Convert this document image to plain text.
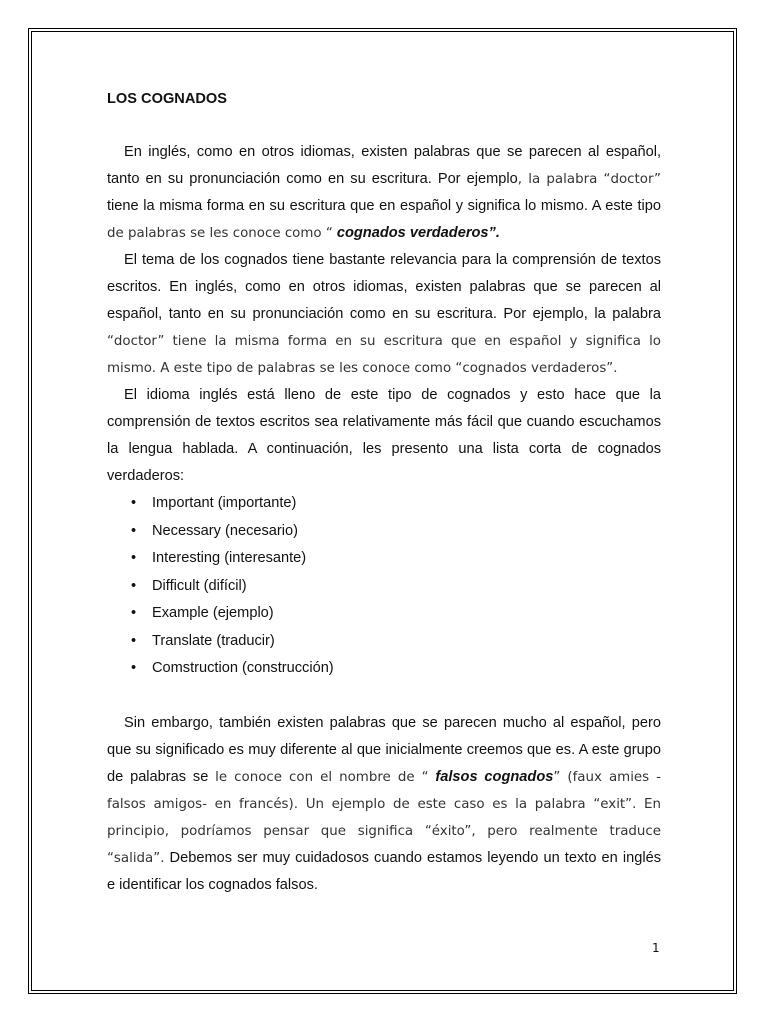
LOS COGNADOS

En inglés, como en otros idiomas, existen palabras que se parecen al español, tanto en su pronunciación como en su escritura. Por ejemplo, la palabra “doctor” tiene la misma forma en su escritura que en español y significa lo mismo. A este tipo de palabras se les conoce como “ cognados verdaderos”.

El tema de los cognados tiene bastante relevancia para la comprensión de textos escritos. En inglés, como en otros idiomas, existen palabras que se parecen al español, tanto en su pronunciación como en su escritura. Por ejemplo, la palabra “doctor” tiene la misma forma en su escritura que en español y significa lo mismo. A este tipo de palabras se les conoce como “cognados verdaderos”.

El idioma inglés está lleno de este tipo de cognados y esto hace que la comprensión de textos escritos sea relativamente más fácil que cuando escuchamos la lengua hablada. A continuación, les presento una lista corta de cognados verdaderos:

• Important (importante)
• Necessary (necesario)
• Interesting (interesante)
• Difficult (difícil)
• Example (ejemplo)
• Translate (traducir)
• Comstruction (construcción)

Sin embargo, también existen palabras que se parecen mucho al español, pero que su significado es muy diferente al que inicialmente creemos que es. A este grupo de palabras se le conoce con el nombre de “ falsos cognados” (faux amies - falsos amigos- en francés). Un ejemplo de este caso es la palabra “exit”. En principio, podríamos pensar que significa “éxito”, pero realmente traduce “salida”. Debemos ser muy cuidadosos cuando estamos leyendo un texto en inglés e identificar los cognados falsos.

1
